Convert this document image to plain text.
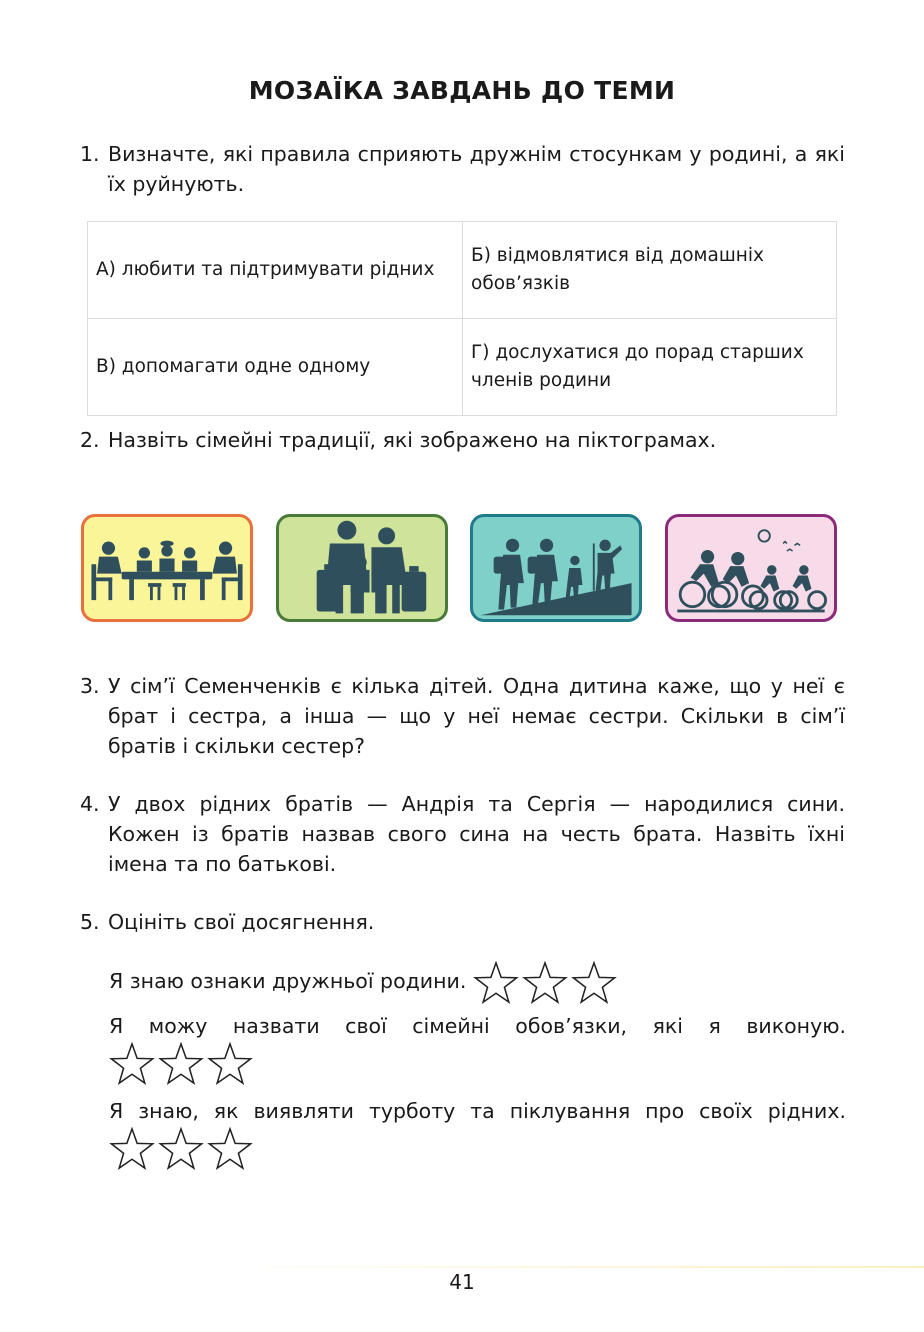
МОЗАЇКА ЗАВДАНЬ ДО ТЕМИ
1. Визначте, які правила сприяють дружнім стосункам у родині, а які їх руйнують.
А) любити та підтримувати рідних	Б) відмовлятися від домашніх обов’язків
В) допомагати одне одному	Г) дослухатися до порад старших членів родини
2. Назвіть сімейні традиції, які зображено на піктограмах.
3. У сім’ї Семенченків є кілька дітей. Одна дитина каже, що у неї є брат і сестра, а інша — що у неї немає сестри. Скільки в сім’ї братів і скільки сестер?
4. У двох рідних братів — Андрія та Сергія — народилися сини. Кожен із братів назвав свого сина на честь брата. Назвіть їхні імена та по батькові.
5. Оцініть свої досягнення.
Я знаю ознаки дружньої родини.
Я можу назвати свої сімейні обов’язки, які я виконую.
Я знаю, як виявляти турботу та піклування про своїх рідних.
41
